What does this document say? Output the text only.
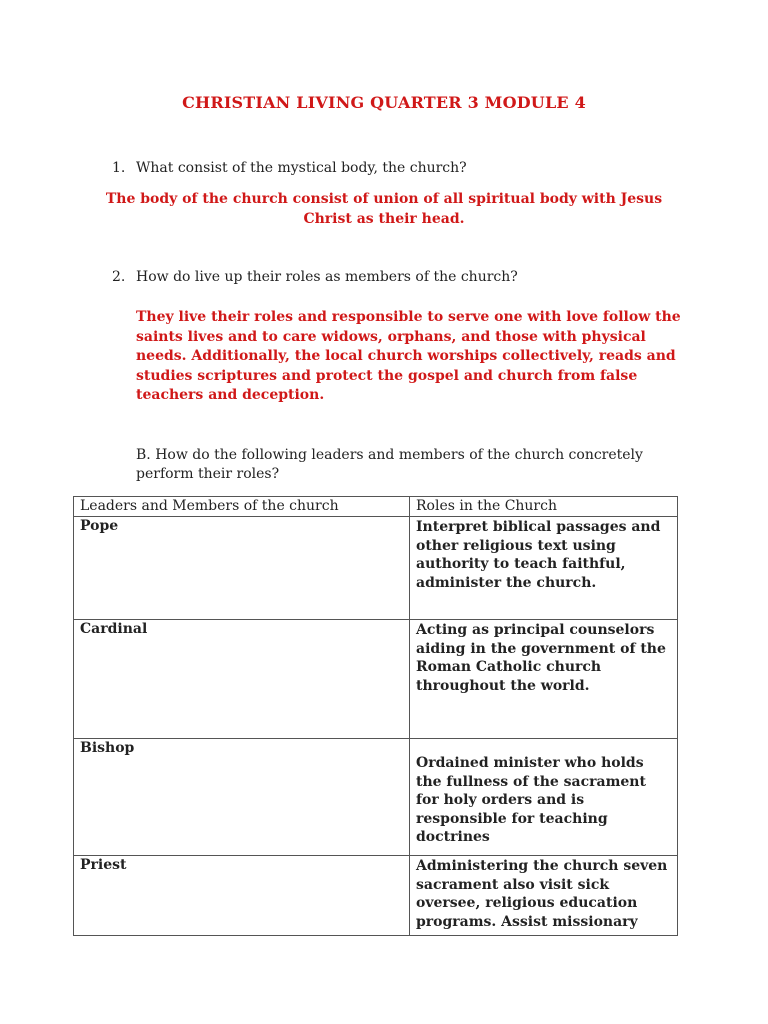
CHRISTIAN LIVING QUARTER 3 MODULE 4
1. What consist of the mystical body, the church?
The body of the church consist of union of all spiritual body with Jesus Christ as their head.
2. How do live up their roles as members of the church?
They live their roles and responsible to serve one with love follow the saints lives and to care widows, orphans, and those with physical needs. Additionally, the local church worships collectively, reads and studies scriptures and protect the gospel and church from false teachers and deception.
B. How do the following leaders and members of the church concretely perform their roles?
Leaders and Members of the church	Roles in the Church
Pope	Interpret biblical passages and other religious text using authority to teach faithful, administer the church.
Cardinal	Acting as principal counselors aiding in the government of the Roman Catholic church throughout the world.
Bishop	Ordained minister who holds the fullness of the sacrament for holy orders and is responsible for teaching doctrines

Priest	Administering the church seven sacrament also visit sick oversee, religious education programs. Assist missionary
